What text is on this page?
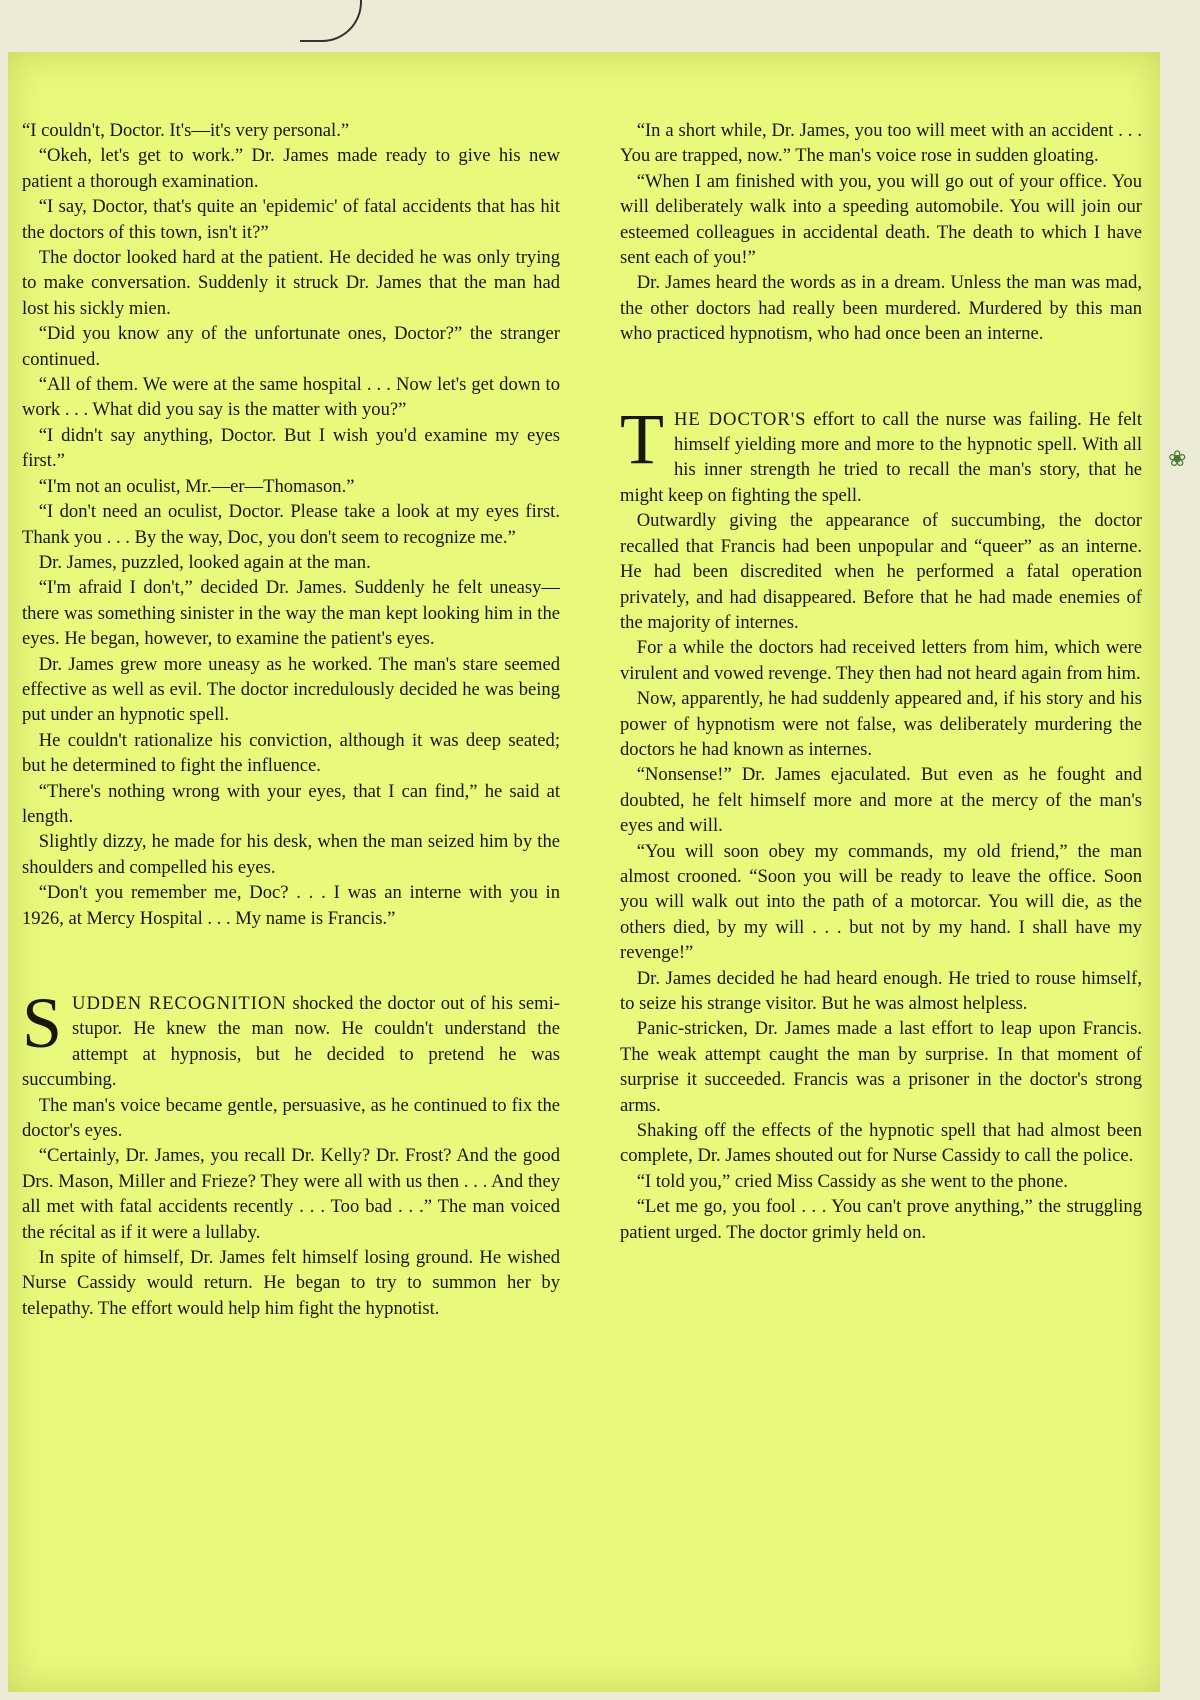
❀

“I couldn't, Doctor. It's—it's very personal.”

“Okeh, let's get to work.” Dr. James made ready to give his new patient a thorough examination.

“I say, Doctor, that's quite an 'epidemic' of fatal accidents that has hit the doctors of this town, isn't it?”

The doctor looked hard at the patient. He decided he was only trying to make conversation. Suddenly it struck Dr. James that the man had lost his sickly mien.

“Did you know any of the unfortunate ones, Doctor?” the stranger continued.

“All of them. We were at the same hospital . . . Now let's get down to work . . . What did you say is the matter with you?”

“I didn't say anything, Doctor. But I wish you'd examine my eyes first.”

“I'm not an oculist, Mr.—er—Thomason.”

“I don't need an oculist, Doctor. Please take a look at my eyes first. Thank you . . . By the way, Doc, you don't seem to recognize me.”

Dr. James, puzzled, looked again at the man.

“I'm afraid I don't,” decided Dr. James. Suddenly he felt uneasy—there was something sinister in the way the man kept looking him in the eyes. He began, however, to examine the patient's eyes.

Dr. James grew more uneasy as he worked. The man's stare seemed effective as well as evil. The doctor incredulously decided he was being put under an hypnotic spell.

He couldn't rationalize his conviction, although it was deep seated; but he determined to fight the influence.

“There's nothing wrong with your eyes, that I can find,” he said at length.

Slightly dizzy, he made for his desk, when the man seized him by the shoulders and compelled his eyes.

“Don't you remember me, Doc? . . . I was an interne with you in 1926, at Mercy Hospital . . . My name is Francis.”

SUDDEN RECOGNITION shocked the doctor out of his semi-stupor. He knew the man now. He couldn't understand the attempt at hypnosis, but he decided to pretend he was succumbing.

The man's voice became gentle, persuasive, as he continued to fix the doctor's eyes.

“Certainly, Dr. James, you recall Dr. Kelly? Dr. Frost? And the good Drs. Mason, Miller and Frieze? They were all with us then . . . And they all met with fatal accidents recently . . . Too bad . . .” The man voiced the récital as if it were a lullaby.

In spite of himself, Dr. James felt himself losing ground. He wished Nurse Cassidy would return. He began to try to summon her by telepathy. The effort would help him fight the hypnotist.

“In a short while, Dr. James, you too will meet with an accident . . . You are trapped, now.” The man's voice rose in sudden gloating.

“When I am finished with you, you will go out of your office. You will deliberately walk into a speeding automobile. You will join our esteemed colleagues in accidental death. The death to which I have sent each of you!”

Dr. James heard the words as in a dream. Unless the man was mad, the other doctors had really been murdered. Murdered by this man who practiced hypnotism, who had once been an interne.

THE DOCTOR'S effort to call the nurse was failing. He felt himself yielding more and more to the hypnotic spell. With all his inner strength he tried to recall the man's story, that he might keep on fighting the spell.

Outwardly giving the appearance of succumbing, the doctor recalled that Francis had been unpopular and “queer” as an interne. He had been discredited when he performed a fatal operation privately, and had disappeared. Before that he had made enemies of the majority of internes.

For a while the doctors had received letters from him, which were virulent and vowed revenge. They then had not heard again from him.

Now, apparently, he had suddenly appeared and, if his story and his power of hypnotism were not false, was deliberately murdering the doctors he had known as internes.

“Nonsense!” Dr. James ejaculated. But even as he fought and doubted, he felt himself more and more at the mercy of the man's eyes and will.

“You will soon obey my commands, my old friend,” the man almost crooned. “Soon you will be ready to leave the office. Soon you will walk out into the path of a motorcar. You will die, as the others died, by my will . . . but not by my hand. I shall have my revenge!”

Dr. James decided he had heard enough. He tried to rouse himself, to seize his strange visitor. But he was almost helpless.

Panic-stricken, Dr. James made a last effort to leap upon Francis. The weak attempt caught the man by surprise. In that moment of surprise it succeeded. Francis was a prisoner in the doctor's strong arms.

Shaking off the effects of the hypnotic spell that had almost been complete, Dr. James shouted out for Nurse Cassidy to call the police.

“I told you,” cried Miss Cassidy as she went to the phone.

“Let me go, you fool . . . You can't prove anything,” the struggling patient urged. The doctor grimly held on.
